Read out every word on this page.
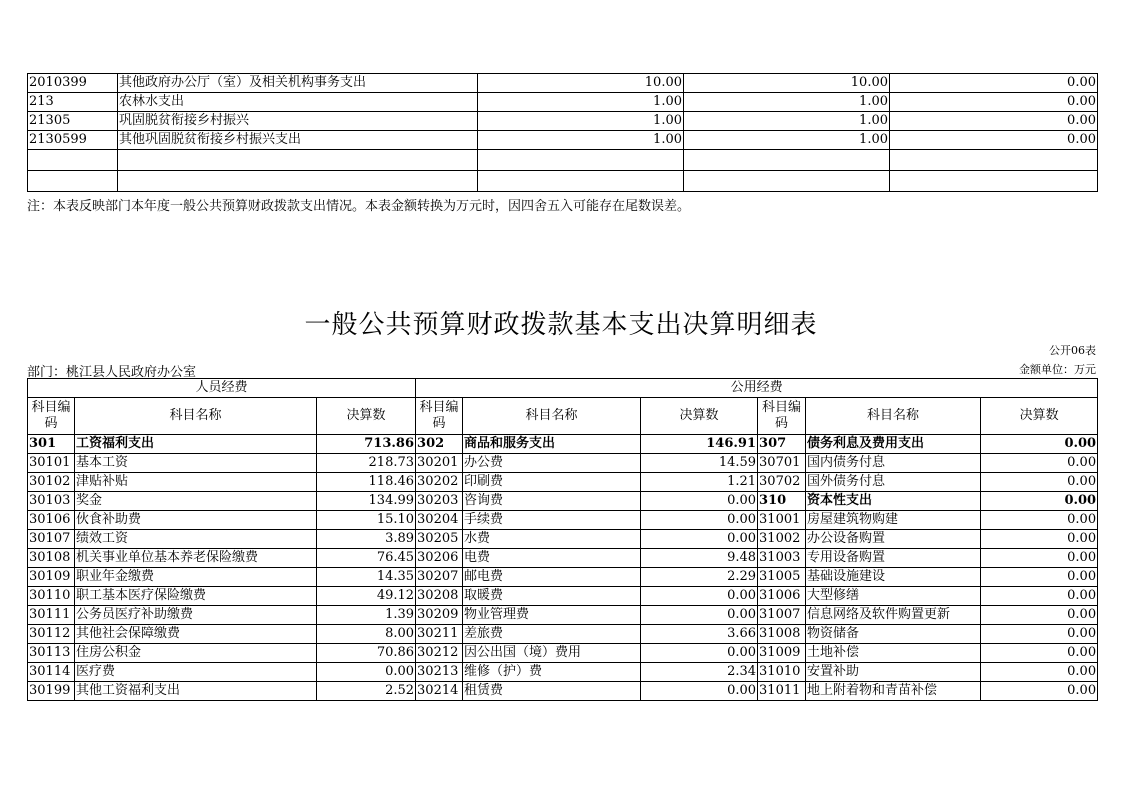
2010399	其他政府办公厅（室）及相关机构事务支出	10.00	10.00	0.00
213	农林水支出	1.00	1.00	0.00
21305	巩固脱贫衔接乡村振兴	1.00	1.00	0.00
2130599	其他巩固脱贫衔接乡村振兴支出	1.00	1.00	0.00

注：本表反映部门本年度一般公共预算财政拨款支出情况。本表金额转换为万元时，因四舍五入可能存在尾数误差。
一般公共预算财政拨款基本支出决算明细表
公开06表
部门：桃江县人民政府办公室	金额单位：万元
人员经费			公用经费					
科目编码	科目名称	决算数	科目编码	科目名称	决算数	科目编码	科目名称	决算数
301	工资福利支出	713.86	302	商品和服务支出	146.91	307	债务利息及费用支出	0.00
30101	基本工资	218.73	30201	办公费	14.59	30701	国内债务付息	0.00
30102	津贴补贴	118.46	30202	印刷费	1.21	30702	国外债务付息	0.00
30103	奖金	134.99	30203	咨询费	0.00	310	资本性支出	0.00
30106	伙食补助费	15.10	30204	手续费	0.00	31001	房屋建筑物购建	0.00
30107	绩效工资	3.89	30205	水费	0.00	31002	办公设备购置	0.00
30108	机关事业单位基本养老保险缴费	76.45	30206	电费	9.48	31003	专用设备购置	0.00
30109	职业年金缴费	14.35	30207	邮电费	2.29	31005	基础设施建设	0.00
30110	职工基本医疗保险缴费	49.12	30208	取暖费	0.00	31006	大型修缮	0.00
30111	公务员医疗补助缴费	1.39	30209	物业管理费	0.00	31007	信息网络及软件购置更新	0.00
30112	其他社会保障缴费	8.00	30211	差旅费	3.66	31008	物资储备	0.00
30113	住房公积金	70.86	30212	因公出国（境）费用	0.00	31009	土地补偿	0.00
30114	医疗费	0.00	30213	维修（护）费	2.34	31010	安置补助	0.00
30199	其他工资福利支出	2.52	30214	租赁费	0.00	31011	地上附着物和青苗补偿	0.00
